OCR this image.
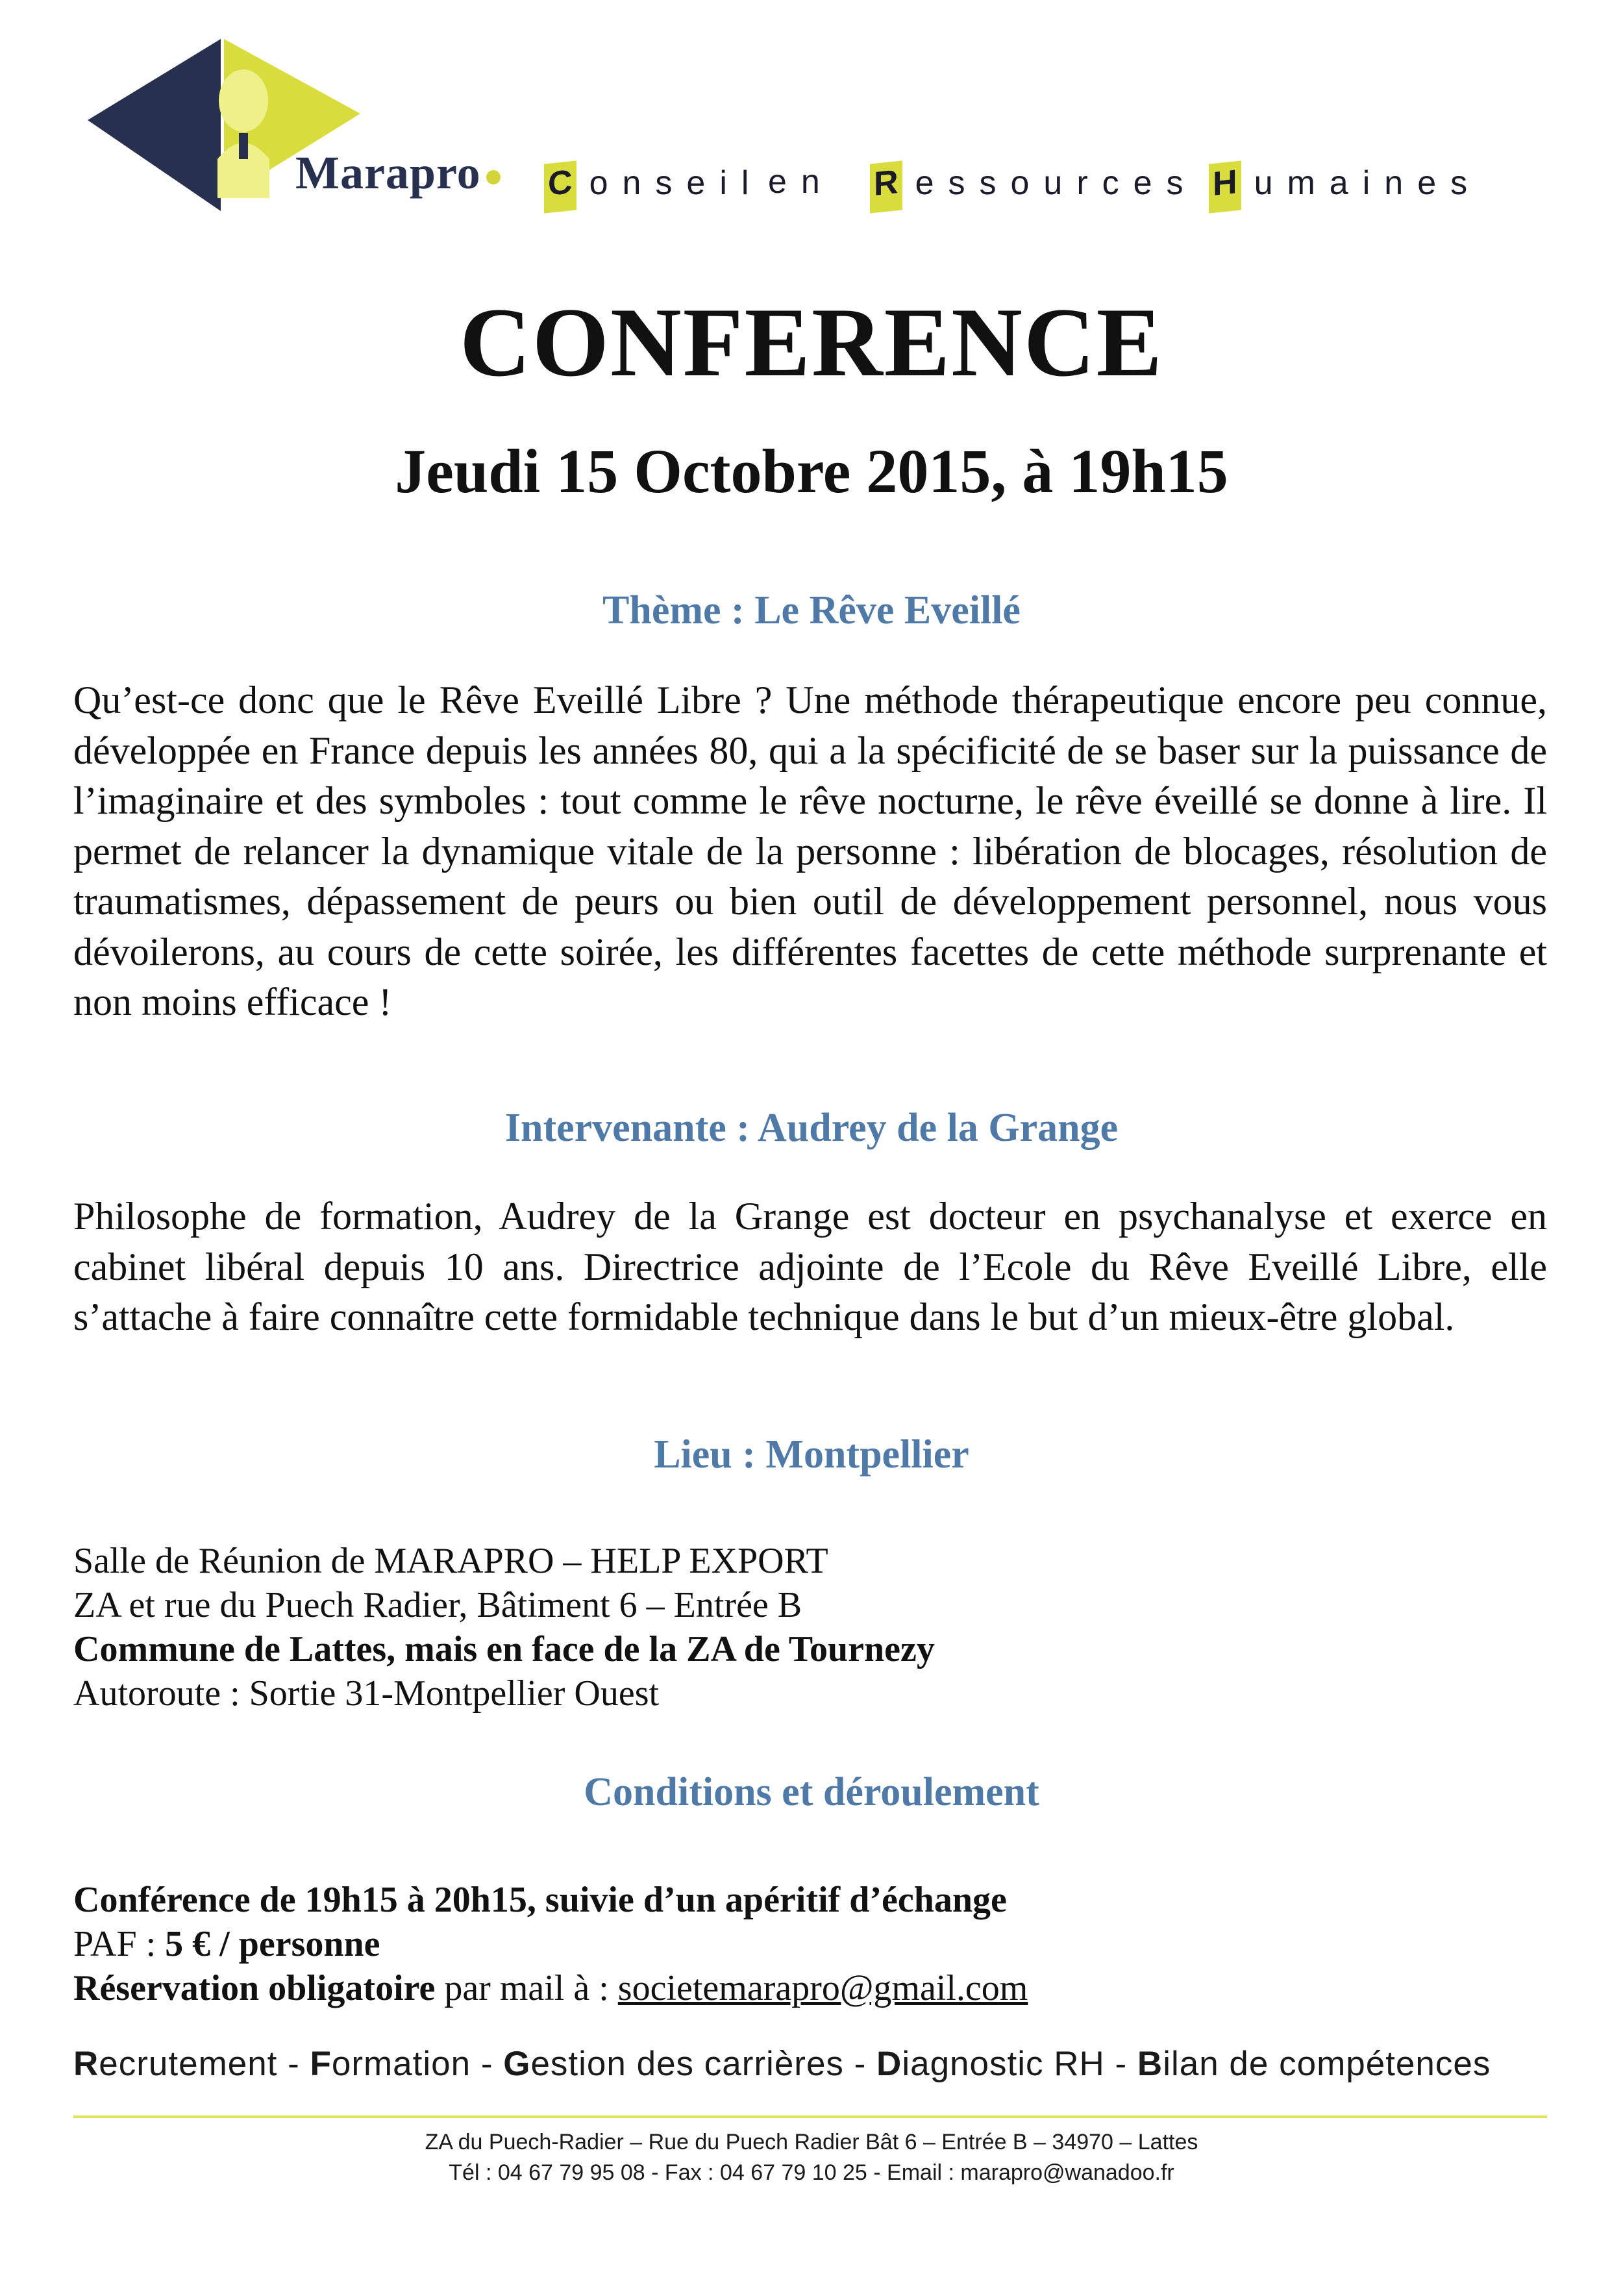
Marapro	C onseil en R essources H umaines
CONFERENCE
Jeudi 15 Octobre 2015, à 19h15
Thème : Le Rêve Eveillé
Qu’est-ce donc que le Rêve Eveillé Libre ? Une méthode thérapeutique encore peu connue, développée en France depuis les années 80, qui a la spécificité de se baser sur la puissance de l’imaginaire et des symboles : tout comme le rêve nocturne, le rêve éveillé se donne à lire. Il permet de relancer la dynamique vitale de la personne : libération de blocages, résolution de traumatismes, dépassement de peurs ou bien outil de développement personnel, nous vous dévoilerons, au cours de cette soirée, les différentes facettes de cette méthode surprenante et non moins efficace !
Intervenante : Audrey de la Grange
Philosophe de formation, Audrey de la Grange est docteur en psychanalyse et exerce en cabinet libéral depuis 10 ans. Directrice adjointe de l’Ecole du Rêve Eveillé Libre, elle s’attache à faire connaître cette formidable technique dans le but d’un mieux-être global.
Lieu : Montpellier
Salle de Réunion de MARAPRO – HELP EXPORT
ZA et rue du Puech Radier, Bâtiment 6 – Entrée B
Commune de Lattes, mais en face de la ZA de Tournezy
Autoroute : Sortie 31-Montpellier Ouest
Conditions et déroulement
Conférence de 19h15 à 20h15, suivie d’un apéritif d’échange
PAF : 5 € / personne
Réservation obligatoire par mail à : societemarapro@gmail.com
Recrutement - Formation - Gestion des carrières - Diagnostic RH - Bilan de compétences
ZA du Puech-Radier – Rue du Puech Radier Bât 6 – Entrée B – 34970 – Lattes
Tél : 04 67 79 95 08 - Fax : 04 67 79 10 25 - Email : marapro@wanadoo.fr
